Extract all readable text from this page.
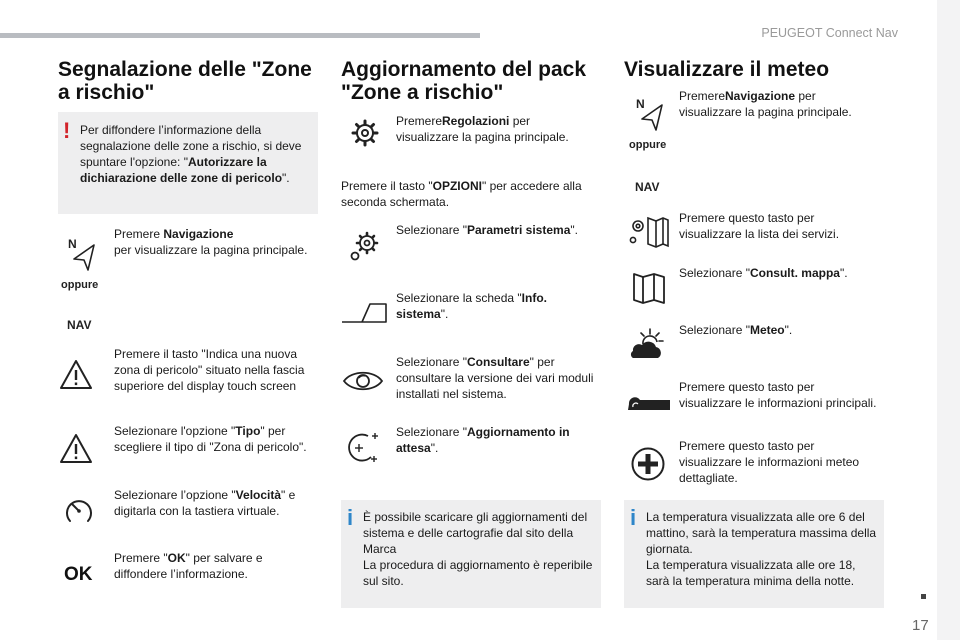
PEUGEOT Connect Nav
17
Segnalazione delle "Zone a rischio"
! Per diffondere l’informazione della segnalazione delle zone a rischio, si deve spuntare l'opzione: "Autorizzare la dichiarazione delle zone di pericolo".
N
oppure
NAV
Premere Navigazione
per visualizzare la pagina principale.
Premere il tasto "Indica una nuova zona di pericolo" situato nella fascia superiore del display touch screen
Selezionare l'opzione "Tipo" per scegliere il tipo di "Zona di pericolo".
Selezionare l’opzione "Velocità" e digitarla con la tastiera virtuale.
OK
Premere "OK" per salvare e diffondere l’informazione.
Aggiornamento del pack "Zone a rischio"
PremereRegolazioni per visualizzare la pagina principale.
Premere il tasto "OPZIONI" per accedere alla seconda schermata.
Selezionare "Parametri sistema".
Selezionare la scheda "Info. sistema".
Selezionare "Consultare" per consultare la versione dei vari moduli installati nel sistema.
Selezionare "Aggiornamento in attesa".
i È possibile scaricare gli aggiornamenti del sistema e delle cartografie dal sito della Marca
La procedura di aggiornamento è reperibile sul sito.
Visualizzare il meteo
N
oppure
NAV
PremereNavigazione per visualizzare la pagina principale.
Premere questo tasto per visualizzare la lista dei servizi.
Selezionare "Consult. mappa".
Selezionare "Meteo".
Premere questo tasto per visualizzare le informazioni principali.
Premere questo tasto per visualizzare le informazioni meteo dettagliate.
i La temperatura visualizzata alle ore 6 del mattino, sarà la temperatura massima della giornata.
La temperatura visualizzata alle ore 18, sarà la temperatura minima della notte.
